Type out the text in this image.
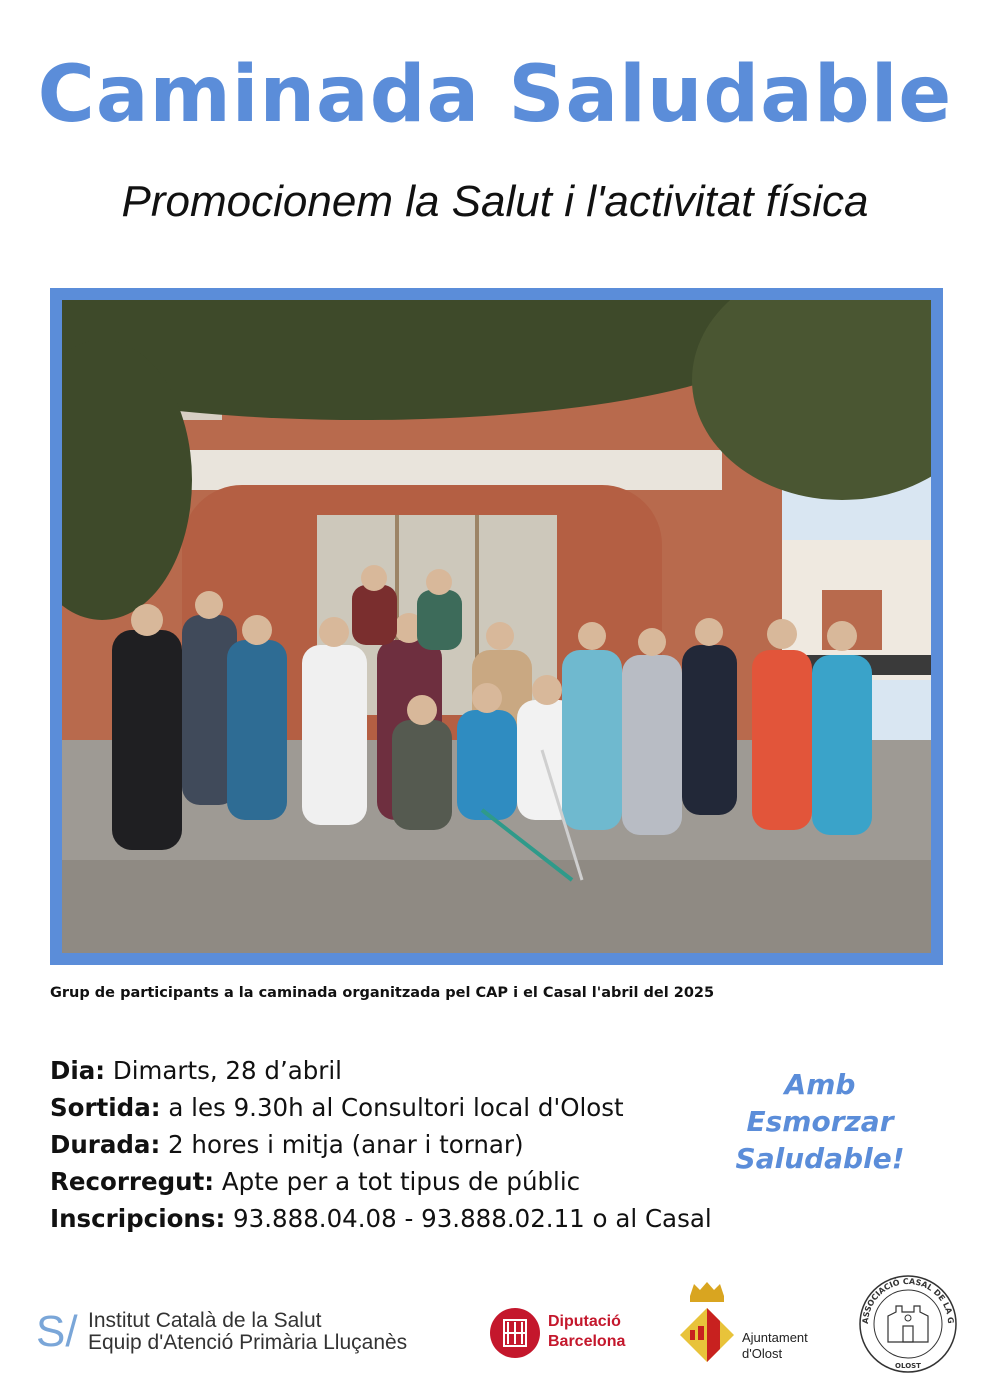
Caminada Saludable
Promocionem la Salut i l'activitat física
Grup de participants a la caminada organitzada pel CAP i el Casal l'abril del 2025
Dia: Dimarts, 28 d’abril
Sortida: a les 9.30h al Consultori local d'Olost
Durada: 2 hores i mitja (anar i tornar)
Recorregut: Apte per a tot tipus de públic
Inscripcions: 93.888.04.08 - 93.888.02.11 o al Casal
Amb
Esmorzar
Saludable!
S/ Institut Català de la Salut
Equip d'Atenció Primària Lluçanès
Diputació
Barcelona	Ajuntament
d'Olost
ASSOCIACIÓ CASAL DE LA G
OLOST
